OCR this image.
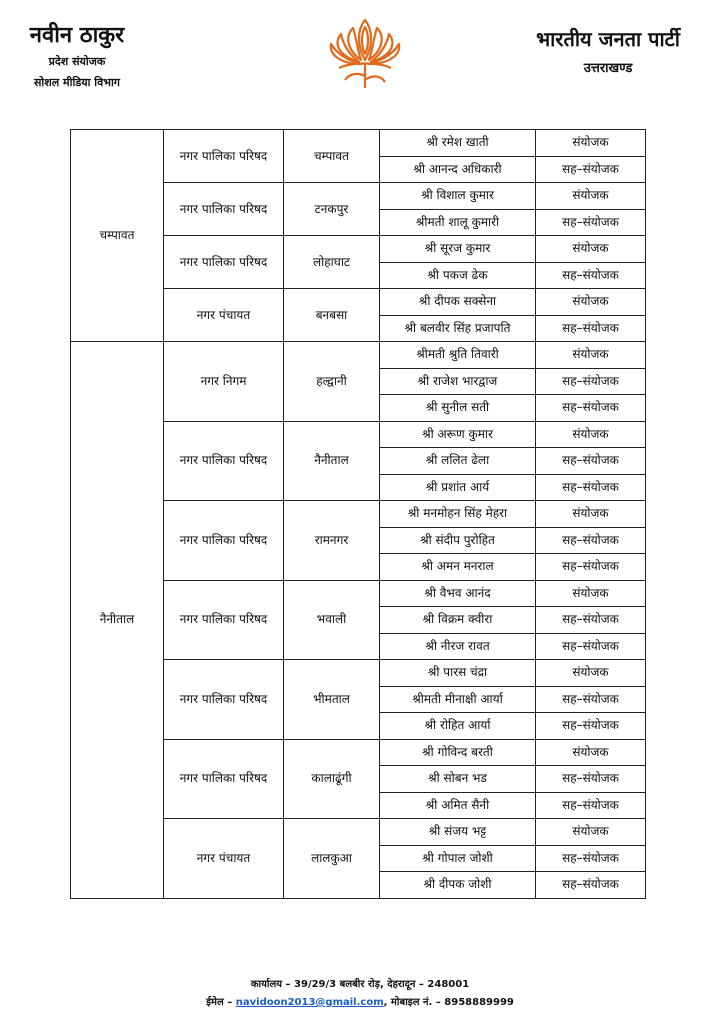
नवीन ठाकुर
प्रदेश संयोजक
सोशल मीडिया विभाग
भारतीय जनता पार्टी
उत्तराखण्ड
चम्पावत	नगर पालिका परिषद	चम्पावत	श्री रमेश खाती	संयोजक
			श्री आनन्द अधिकारी	सह–संयोजक
	नगर पालिका परिषद	टनकपुर	श्री विशाल कुमार	संयोजक
			श्रीमती शालू कुमारी	सह–संयोजक
	नगर पालिका परिषद	लोहाघाट	श्री सूरज कुमार	संयोजक
			श्री पकज ढेक	सह–संयोजक
	नगर पंचायत	बनबसा	श्री दीपक सक्सेना	संयोजक
			श्री बलवीर सिंह प्रजापति	सह–संयोजक
नैनीताल	नगर निगम	हल्द्वानी	श्रीमती श्रुति तिवारी	संयोजक
			श्री राजेश भारद्वाज	सह–संयोजक
			श्री सुनील सती	सह–संयोजक
	नगर पालिका परिषद	नैनीताल	श्री अरूण कुमार	संयोजक
			श्री ललित ढेला	सह–संयोजक
			श्री प्रशांत आर्य	सह–संयोजक
	नगर पालिका परिषद	रामनगर	श्री मनमोहन सिंह मेहरा	संयोजक
			श्री संदीप पुरोहित	सह–संयोजक
			श्री अमन मनराल	सह–संयोजक
	नगर पालिका परिषद	भवाली	श्री वैभव आनंद	संयोजक
			श्री विक्रम क्वीरा	सह–संयोजक
			श्री नीरज रावत	सह–संयोजक
	नगर पालिका परिषद	भीमताल	श्री पारस चंद्रा	संयोजक
			श्रीमती मीनाक्षी आर्या	सह–संयोजक
			श्री रोहित आर्या	सह–संयोजक
	नगर पालिका परिषद	कालाढूंगी	श्री गोविन्द बरती	संयोजक
			श्री सोबन भड	सह–संयोजक
			श्री अमित सैनी	सह–संयोजक
	नगर पंचायत	लालकुआ	श्री संजय भट्ट	संयोजक
			श्री गोपाल जोशी	सह–संयोजक
			श्री दीपक जोशी	सह–संयोजक
कार्यालय – 39/29/3 बलबीर रोड़, देहरादून – 248001
ईमेल – navidoon2013@gmail.com, मोबाइल नं. – 8958889999
